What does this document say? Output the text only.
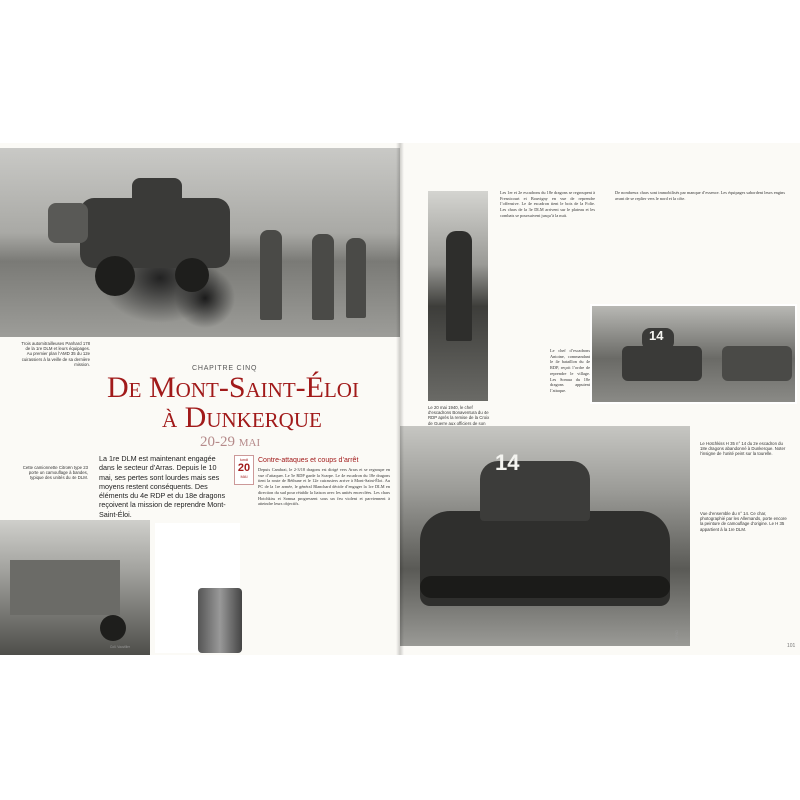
Coll. Vauvillier
Trois automitrailleuses Panhard 178 de la 1re DLM et leurs équipages. Au premier plan l’AMD 35 du 12e cuirassiers à la veille de sa dernière mission.
Cette camionnette Citroën type 23 porte un camouflage à bandes, typique des unités du 4e DLM.
CHAPITRE CINQ
De Mont-Saint-Éloi
à Dunkerque
20-29 mai
La 1re DLM est maintenant engagée dans le secteur d’Arras. Depuis le 10 mai, ses pertes sont lourdes mais ses moyens restent conséquents. Des éléments du 4e RDP et du 18e dragons reçoivent la mission de reprendre Mont-Saint-Éloi.
lundi
20
MAI
Contre-attaques et coups d’arrêt
Depuis Cambrai, le 2-3/18 dragons est dirigé vers Arras et se regroupe en vue d’attaquer. Le 5e RDP garde la Scarpe. Le 4e escadron du 18e dragons tient la route de Béthune et le 12e cuirassiers arrive à Mont-Saint-Éloi. Au PC de la 1re armée, le général Blanchard décide d’engager la 1re DLM en direction du sud pour rétablir la liaison avec les unités encerclées. Les chars Hotchkiss et Somua progressent sous un feu violent et parviennent à atteindre leurs objectifs.
Coll. Vauvillier
Le 20 mai 1940, le chef d’escadrons Bonaventura du 4e RDP après la remise de la Croix de Guerre aux officiers de son
Les 1er et 2e escadrons du 18e dragons se regroupent à Fresnicourt et Bouvigny en vue de reprendre l’offensive. Le 4e escadron tient le bois de la Folie. Les chars de la 3e DLM arrivent sur le plateau et les combats se poursuivent jusqu’à la nuit.
Le chef d’escadrons Antoine, commandant le 4e bataillon du 4e RDP, reçoit l’ordre de reprendre le village. Les Somua du 18e dragons appuient l’attaque.
De nombreux chars sont immobilisés par manque d’essence. Les équipages sabordent leurs engins avant de se replier vers le nord et la côte.
14
14
ECPAD
Le Hotchkiss H 35 n° 14 du 2e escadron du 18e dragons abandonné à Dunkerque. Noter l’insigne de l’unité peint sur la tourelle.
Vue d’ensemble du n° 14. Ce char, photographié par les Allemands, porte encore la peinture de camouflage d’origine. Le H 35 appartient à la 1re DLM.
101
